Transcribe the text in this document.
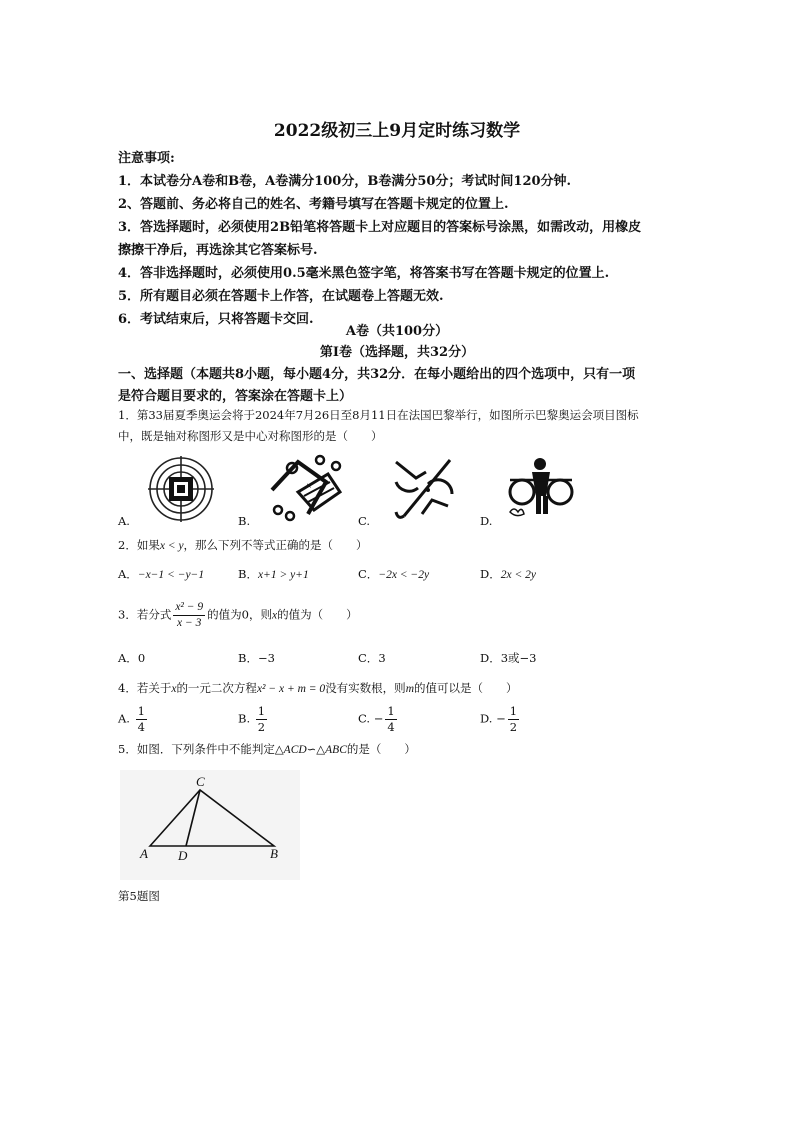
2022级初三上9月定时练习数学
注意事项:
1．本试卷分A卷和B卷，A卷满分100分，B卷满分50分；考试时间120分钟.
2、答题前、务必将自己的姓名、考籍号填写在答题卡规定的位置上.
3．答选择题时，必须使用2B铅笔将答题卡上对应题目的答案标号涂黑，如需改动，用橡皮
擦擦干净后，再选涂其它答案标号.
4．答非选择题时，必须使用0.5毫米黑色签字笔，将答案书写在答题卡规定的位置上.
5．所有题目必须在答题卡上作答，在试题卷上答题无效.
6．考试结束后，只将答题卡交回.
A卷（共100分）
第Ⅰ卷（选择题，共32分）
一、选择题（本题共8小题，每小题4分，共32分．在每小题给出的四个选项中，只有一项
是符合题目要求的，答案涂在答题卡上）
1．第33届夏季奥运会将于2024年7月26日至8月11日在法国巴黎举行，如图所示巴黎奥运会项目图标
中，既是轴对称图形又是中心对称图形的是（　　）
A.
×
B.	C.	D.
2．如果x < y，那么下列不等式正确的是（　　）
A．−x−1 < −y−1	B．x+1 > y+1	C．−2x < −2y	D．2x < 2y
3．若分式 $\frac{\text{x² − 9}}{x - 3}$ 的值为0，则x的值为（　　）
A．0	B．−3	C．3	D．3或−3
4．若关于x的一元二次方程x² − x + m = 0没有实数根，则m的值可以是（　　）
A. $\frac{1}{4}$	B. $\frac{1}{2}$	C. − $\frac{1}{4}$	D. − $\frac{1}{2}$
5．如图．下列条件中不能判定△ACD∽△ABC的是（　　）
C
A D	B
第5题图
